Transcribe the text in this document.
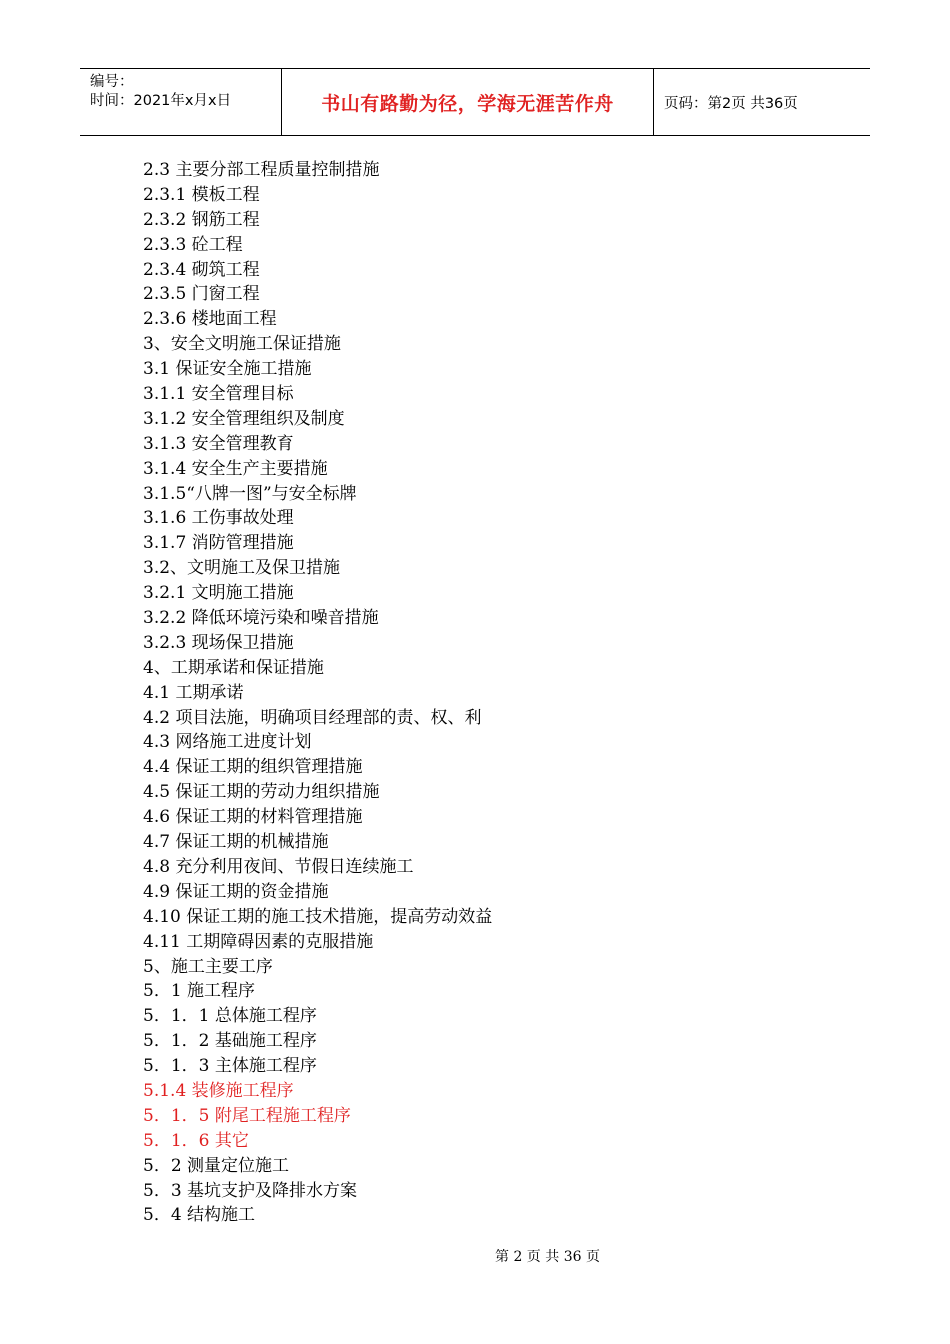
编号：
时间：2021年x月x日	书山有路勤为径，学海无涯苦作舟	页码：第2页 共36页
2.3 主要分部工程质量控制措施
2.3.1 模板工程
2.3.2 钢筋工程
2.3.3 砼工程
2.3.4 砌筑工程
2.3.5 门窗工程
2.3.6 楼地面工程
3、安全文明施工保证措施
3.1 保证安全施工措施
3.1.1 安全管理目标
3.1.2 安全管理组织及制度
3.1.3 安全管理教育
3.1.4 安全生产主要措施
3.1.5“八牌一图”与安全标牌
3.1.6 工伤事故处理
3.1.7 消防管理措施
3.2、文明施工及保卫措施
3.2.1 文明施工措施
3.2.2 降低环境污染和噪音措施
3.2.3 现场保卫措施
4、工期承诺和保证措施
4.1 工期承诺
4.2 项目法施，明确项目经理部的责、权、利
4.3 网络施工进度计划
4.4 保证工期的组织管理措施
4.5 保证工期的劳动力组织措施
4.6 保证工期的材料管理措施
4.7 保证工期的机械措施
4.8 充分利用夜间、节假日连续施工
4.9 保证工期的资金措施
4.10 保证工期的施工技术措施，提高劳动效益
4.11 工期障碍因素的克服措施
5、施工主要工序
5．1 施工程序
5．1．1 总体施工程序
5．1．2 基础施工程序
5．1．3 主体施工程序
5.1.4 装修施工程序
5．1．5 附尾工程施工程序
5．1．6 其它
5．2 测量定位施工
5．3 基坑支护及降排水方案
5．4 结构施工
第 2 页 共 36 页
